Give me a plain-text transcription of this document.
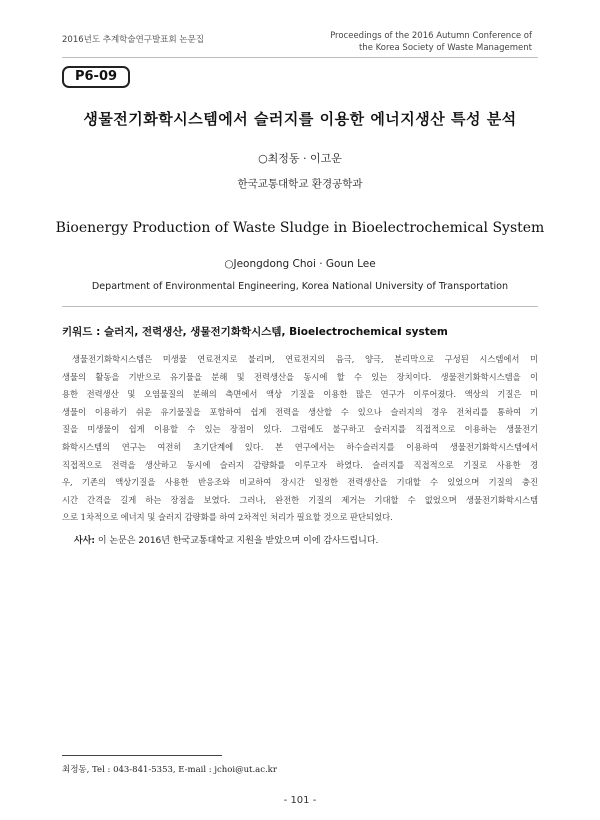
2016년도 추계학술연구발표회 논문집	Proceedings of the 2016 Autumn Conference of
the Korea Society of Waste Management
P6-09
생물전기화학시스템에서 슬러지를 이용한 에너지생산 특성 분석
○최정동 · 이고운
한국교통대학교 환경공학과
Bioenergy Production of Waste Sludge in Bioelectrochemical System
○Jeongdong Choi · Goun Lee
Department of Environmental Engineering, Korea National University of Transportation
키워드 : 슬러지, 전력생산, 생물전기화학시스템, Bioelectrochemical system
생물전기화학시스템은 미생물 연료전지로 불리며, 연료전지의 음극, 양극, 분리막으로 구성된 시스템에서 미
생물의 활동을 기반으로 유기물을 분해 및 전력생산을 동시에 할 수 있는 장치이다. 생물전기화학시스템을 이
용한 전력생산 및 오염물질의 분해의 측면에서 액상 기질을 이용한 많은 연구가 이루어졌다. 액상의 기질은 미
생물이 이용하기 쉬운 유기물질을 포함하여 쉽게 전력을 생산할 수 있으나 슬러지의 경우 전처리를 통하여 기
질을 미생물이 쉽게 이용할 수 있는 장점이 있다. 그럼에도 불구하고 슬러지를 직접적으로 이용하는 생물전기
화학시스템의 연구는 여전히 초기단계에 있다. 본 연구에서는 하수슬러지를 이용하여 생물전기화학시스템에서
직접적으로 전력을 생산하고 동시에 슬러지 감량화를 이루고자 하였다. 슬러지를 직접적으로 기질로 사용한 경
우, 기존의 액상기질을 사용한 반응조와 비교하여 장시간 일정한 전력생산을 기대할 수 있었으며 기질의 충진
시간 간격을 길게 하는 장점을 보였다. 그러나, 완전한 기질의 제거는 기대할 수 없었으며 생물전기화학시스템
으로 1차적으로 에너지 및 슬러지 감량화를 하여 2차적인 처리가 필요할 것으로 판단되었다.
사사: 이 논문은 2016년 한국교통대학교 지원을 받았으며 이에 감사드립니다.
최정동, Tel : 043-841-5353, E-mail : jchoi@ut.ac.kr
- 101 -
